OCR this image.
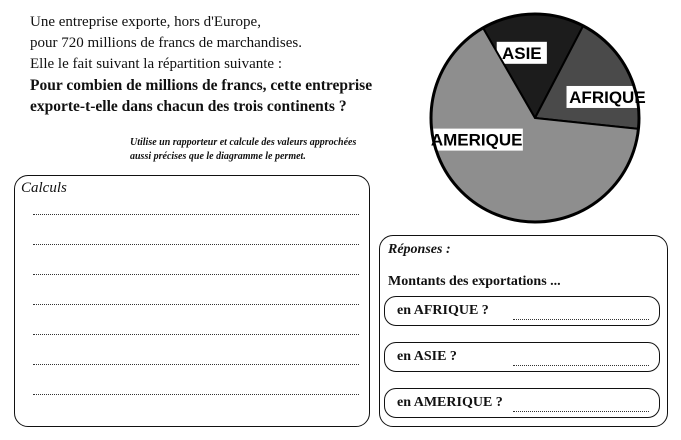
Une entreprise exporte, hors d'Europe,
pour 720 millions de francs de marchandises.
Elle le fait suivant la répartition suivante :
Pour combien de millions de francs, cette entreprise
exporte-t-elle dans chacun des trois continents ?
Utilise un rapporteur et calcule des valeurs approchées
aussi précises que le diagramme le permet.
ASIE
AFRIQUE
AMERIQUE
Calculs
Réponses :
Montants des exportations ...
en AFRIQUE ?
en ASIE ?
en AMERIQUE ?
